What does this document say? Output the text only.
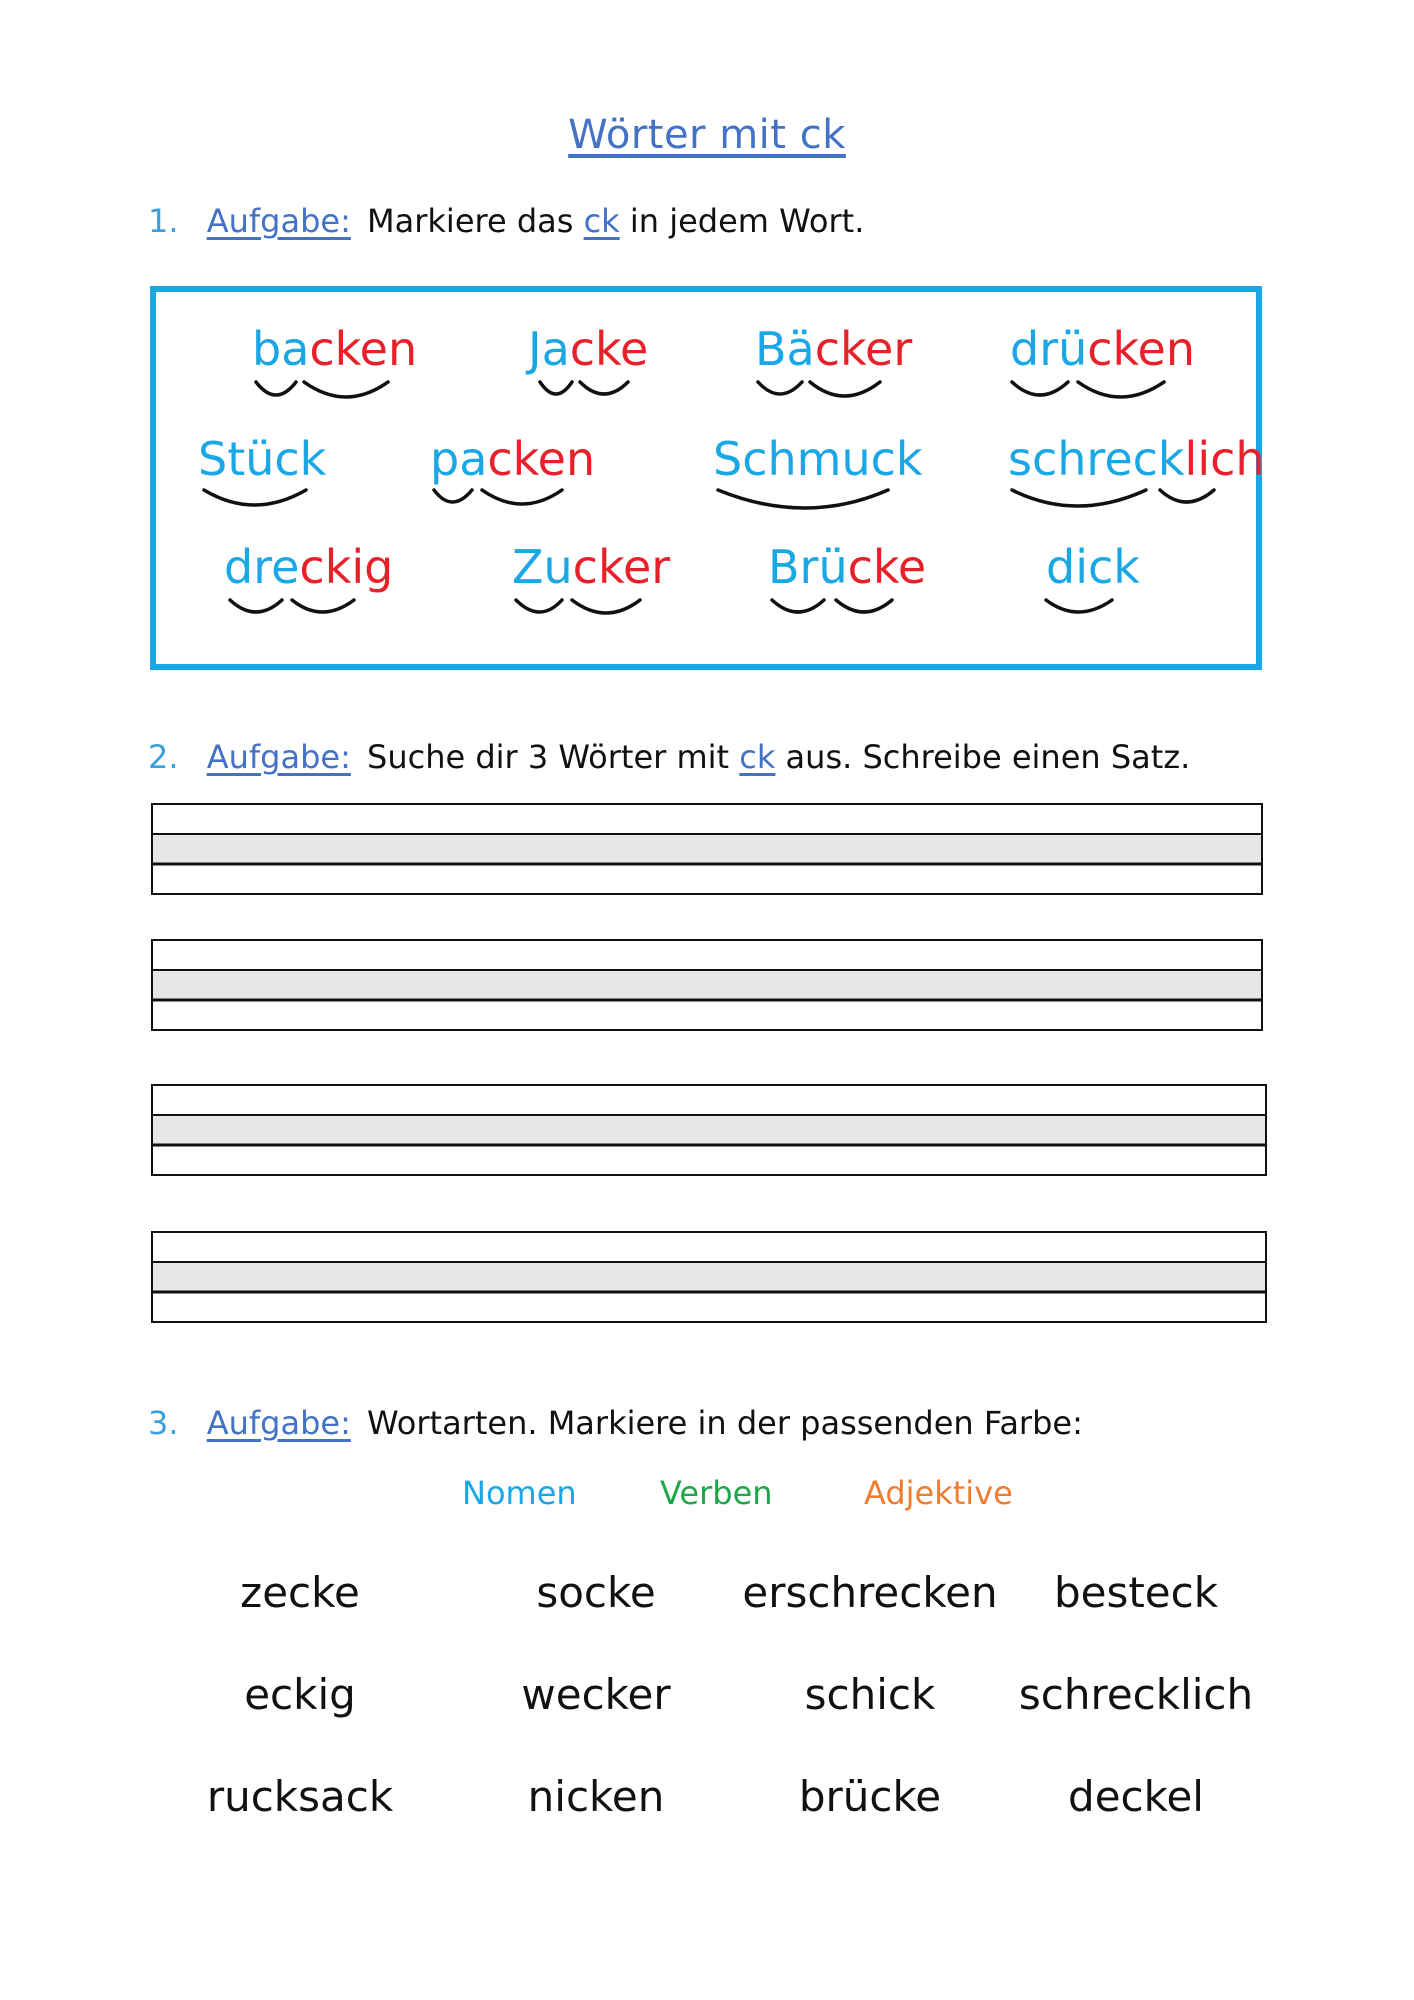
Wörter mit ck
1. Aufgabe: Markiere das ck in jedem Wort.
backen Jacke Bäcker drücken
Stück packen	Schmuck schrecklich
dreckig	Zucker Brücke	dick
2. Aufgabe: Suche dir 3 Wörter mit ck aus. Schreibe einen Satz.
3. Aufgabe: Wortarten. Markiere in der passenden Farbe:
Nomen	Verben	Adjektive
zecke	socke	erschrecken	besteck
eckig	wecker	schick	schrecklich
rucksack	nicken	brücke	deckel
